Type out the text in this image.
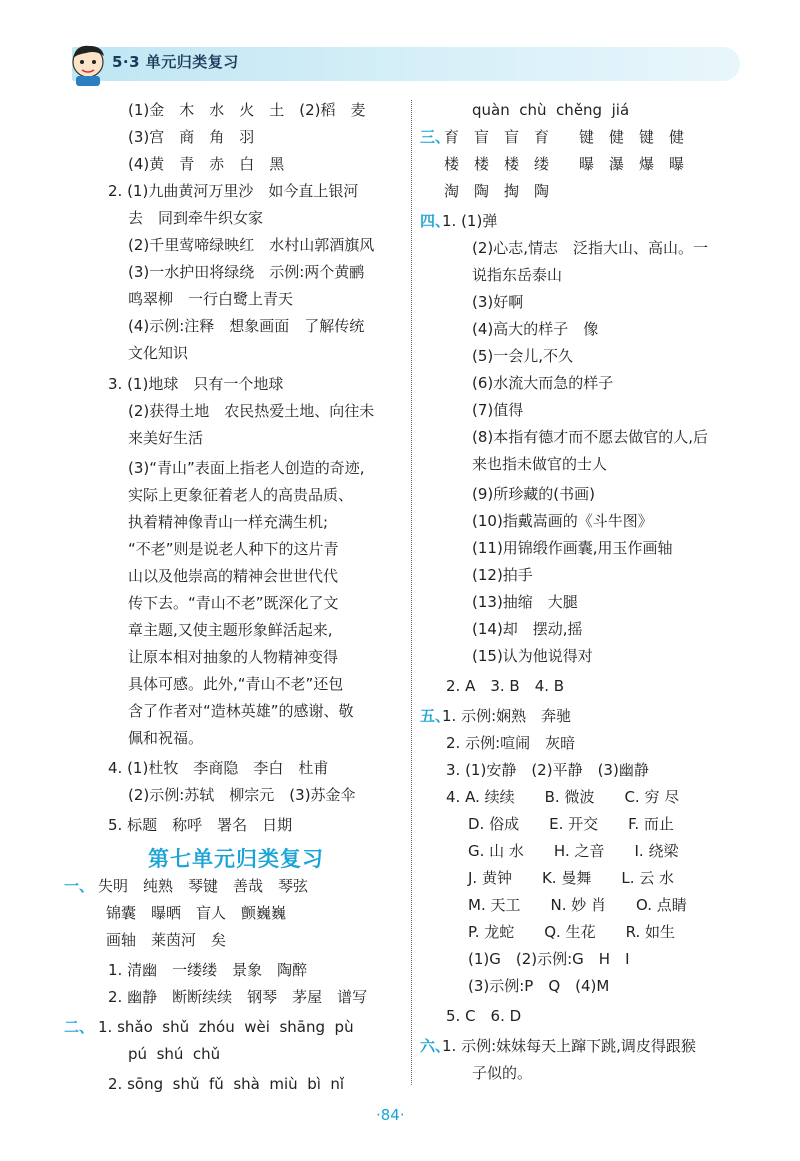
5·3 单元归类复习
(1)金　木　水　火　土　(2)稻　麦
(3)宫　商　角　羽
(4)黄　青　赤　白　黑
2. (1)九曲黄河万里沙　如今直上银河
去　同到牵牛织女家
(2)千里莺啼绿映红　水村山郭酒旗风
(3)一水护田将绿绕　示例:两个黄鹂
鸣翠柳　一行白鹭上青天
(4)示例:注释　想象画面　了解传统
文化知识
3. (1)地球　只有一个地球
(2)获得土地　农民热爱土地、向往未
来美好生活
(3)“青山”表面上指老人创造的奇迹,
实际上更象征着老人的高贵品质、
执着精神像青山一样充满生机;
“不老”则是说老人种下的这片青
山以及他崇高的精神会世世代代
传下去。“青山不老”既深化了文
章主题,又使主题形象鲜活起来,
让原本相对抽象的人物精神变得
具体可感。此外,“青山不老”还包
含了作者对“造林英雄”的感谢、敬
佩和祝福。
4. (1)杜牧　李商隐　李白　杜甫
(2)示例:苏轼　柳宗元　(3)苏金伞
5. 标题　称呼　署名　日期
一、 失明　纯熟　琴键　善哉　琴弦
锦囊　曝晒　盲人　颤巍巍
画轴　莱茵河　矣
1. 清幽　一缕缕　景象　陶醉
2. 幽静　断断续续　钢琴　茅屋　谱写
二、 1. shǎo  shǔ  zhóu  wèi  shāng  pù
pú  shú  chǔ
2. sōng  shǔ  fǔ  shà  miù  bì  nǐ
quàn  chù  chěng  jiá
三、
育　盲　盲　育　　键　健　键　健
楼　楼　楼　缕　　曝　瀑　爆　曝
淘　陶　掏　陶
四、
1. (1)弹
(2)心志,情志　泛指大山、高山。一
说指东岳泰山
(3)好啊
(4)高大的样子　像
(5)一会儿,不久
(6)水流大而急的样子
(7)值得
(8)本指有德才而不愿去做官的人,后
来也指未做官的士人
(9)所珍藏的(书画)
(10)指戴嵩画的《斗牛图》
(11)用锦缎作画囊,用玉作画轴
(12)拍手
(13)抽缩　大腿
(14)却　摆动,摇
(15)认为他说得对
2. A　3. B　4. B
五、
1. 示例:娴熟　奔驰
2. 示例:喧闹　灰暗
3. (1)安静　(2)平静　(3)幽静
4. A. 续续　　B. 微波　　C. 穷 尽
D. 俗成　　E. 开交　　F. 而止
G. 山 水　　H. 之音　　I. 绕梁
J. 黄钟　　K. 曼舞　　L. 云 水
M. 天工　　N. 妙 肖　　O. 点睛
P. 龙蛇　　Q. 生花　　R. 如生
(1)G　(2)示例:G　H　I
(3)示例:P　Q　(4)M
5. C　6. D
六、
1. 示例:妹妹每天上蹿下跳,调皮得跟猴
子似的。
第七单元归类复习
·84·
